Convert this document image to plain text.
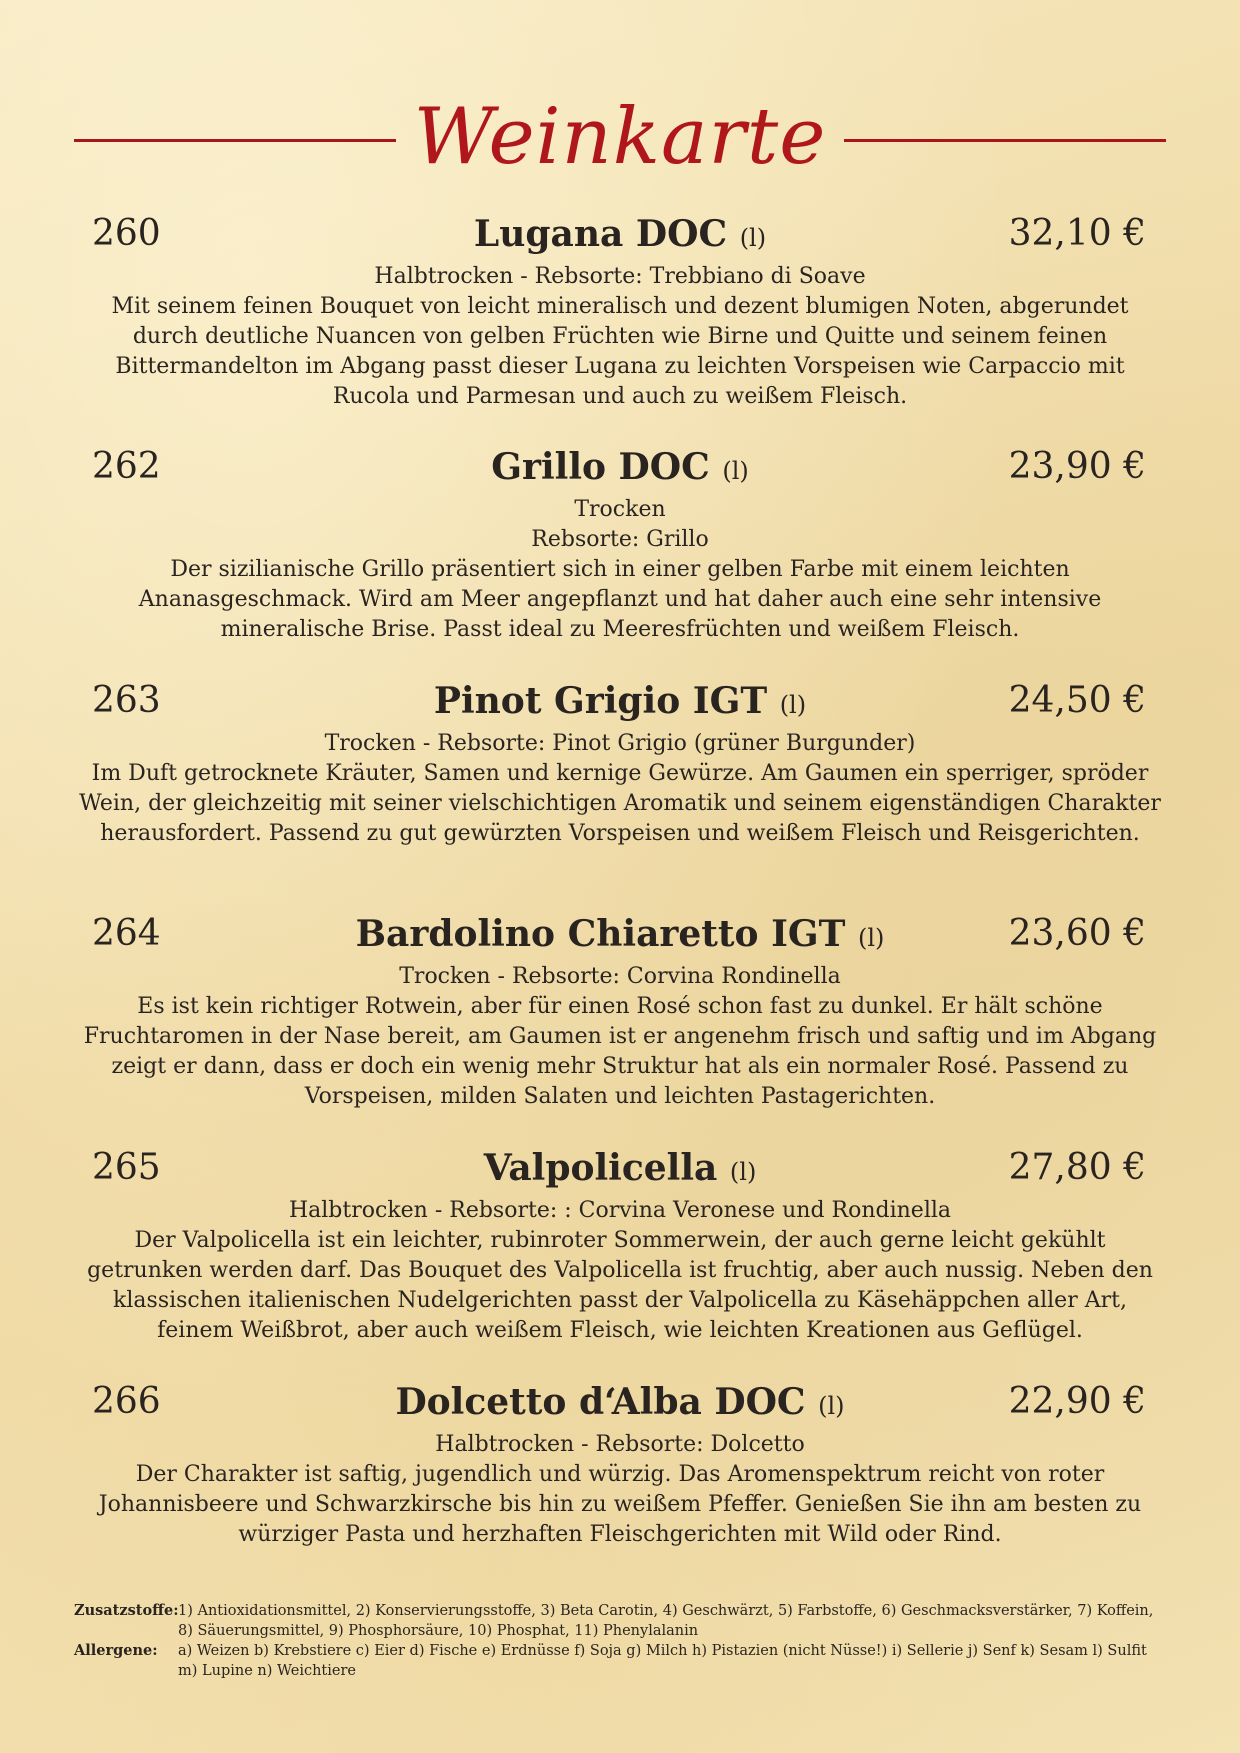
Weinkarte
260	32,10 €

Lugana DOC (l)

Halbtrocken - Rebsorte: Trebbiano di Soave

Mit seinem feinen Bouquet von leicht mineralisch und dezent blumigen Noten, abgerundet durch deutliche Nuancen von gelben Früchten wie Birne und Quitte und seinem feinen Bittermandelton im Abgang passt dieser Lugana zu leichten Vorspeisen wie Carpaccio mit Rucola und Parmesan und auch zu weißem Fleisch.

262	23,90 €

Grillo DOC (l)

Trocken

Rebsorte: Grillo

Der sizilianische Grillo präsentiert sich in einer gelben Farbe mit einem leichten Ananasgeschmack. Wird am Meer angepflanzt und hat daher auch eine sehr intensive mineralische Brise. Passt ideal zu Meeresfrüchten und weißem Fleisch.

263	24,50 €

Pinot Grigio IGT (l)

Trocken - Rebsorte: Pinot Grigio (grüner Burgunder)

Im Duft getrocknete Kräuter, Samen und kernige Gewürze. Am Gaumen ein sperriger, spröder Wein, der gleichzeitig mit seiner vielschichtigen Aromatik und seinem eigenständigen Charakter herausfordert. Passend zu gut gewürzten Vorspeisen und weißem Fleisch und Reisgerichten.

264	23,60 €

Bardolino Chiaretto IGT (l)

Trocken - Rebsorte: Corvina Rondinella

Es ist kein richtiger Rotwein, aber für einen Rosé schon fast zu dunkel. Er hält schöne Fruchtaromen in der Nase bereit, am Gaumen ist er angenehm frisch und saftig und im Abgang zeigt er dann, dass er doch ein wenig mehr Struktur hat als ein normaler Rosé. Passend zu Vorspeisen, milden Salaten und leichten Pastagerichten.

265	27,80 €

Valpolicella (l)

Halbtrocken - Rebsorte: : Corvina Veronese und Rondinella

Der Valpolicella ist ein leichter, rubinroter Sommerwein, der auch gerne leicht gekühlt getrunken werden darf. Das Bouquet des Valpolicella ist fruchtig, aber auch nussig. Neben den klassischen italienischen Nudelgerichten passt der Valpolicella zu Käsehäppchen aller Art, feinem Weißbrot, aber auch weißem Fleisch, wie leichten Kreationen aus Geflügel.

266	22,90 €

Dolcetto d‘Alba DOC (l)

Halbtrocken - Rebsorte: Dolcetto

Der Charakter ist saftig, jugendlich und würzig. Das Aromenspektrum reicht von roter Johannisbeere und Schwarzkirsche bis hin zu weißem Pfeffer. Genießen Sie ihn am besten zu würziger Pasta und herzhaften Fleischgerichten mit Wild oder Rind.

Zusatzstoffe: 1) Antioxidationsmittel, 2) Konservierungsstoffe, 3) Beta Carotin, 4) Geschwärzt, 5) Farbstoffe, 6) Geschmacksverstärker, 7) Koffein, 8) Säuerungsmittel, 9) Phosphorsäure, 10) Phosphat, 11) Phenylalanin
Allergene:	a) Weizen b) Krebstiere c) Eier d) Fische e) Erdnüsse f) Soja g) Milch h) Pistazien (nicht Nüsse!) i) Sellerie j) Senf k) Sesam l) Sulfit m) Lupine n) Weichtiere
